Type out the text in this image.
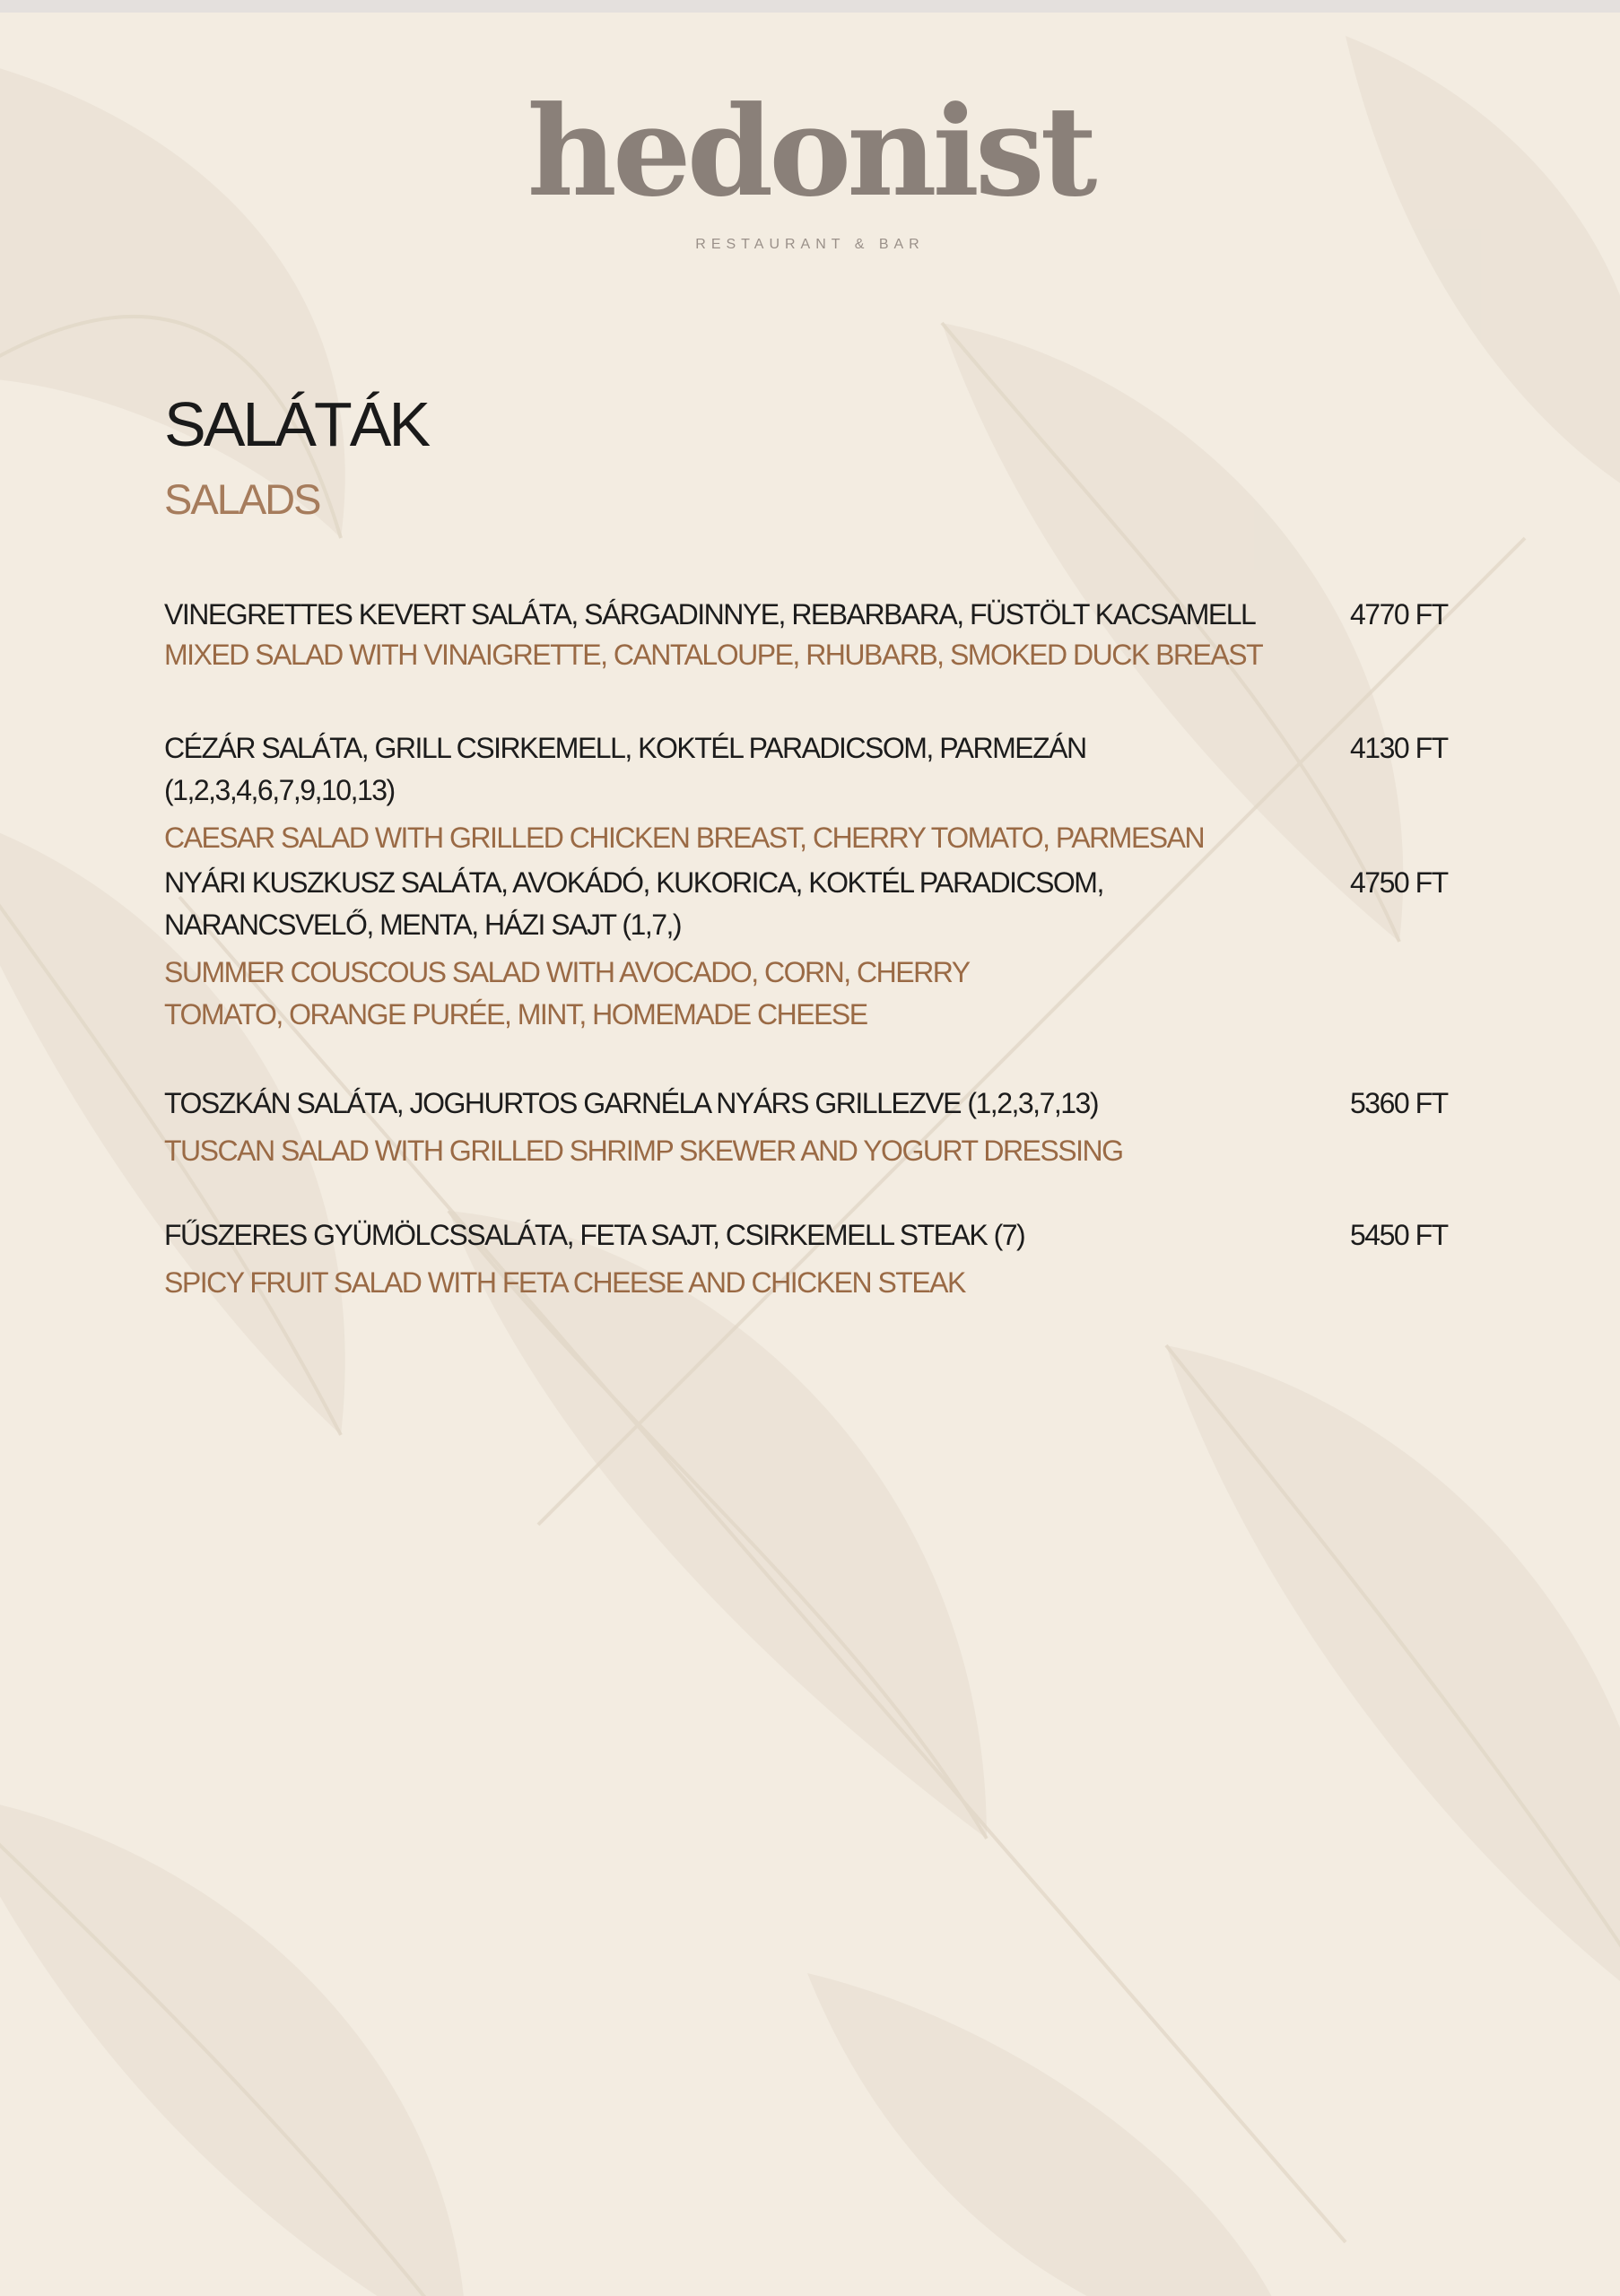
hedonist
RESTAURANT & BAR
SALÁTÁK
SALADS
VINEGRETTES KEVERT SALÁTA, SÁRGADINNYE, REBARBARA, FÜSTÖLT KACSAMELL
MIXED SALAD WITH VINAIGRETTE, CANTALOUPE, RHUBARB, SMOKED DUCK BREAST
4770 FT
CÉZÁR SALÁTA, GRILL CSIRKEMELL, KOKTÉL PARADICSOM, PARMEZÁN (1,2,3,4,6,7,9,10,13)
CAESAR SALAD WITH GRILLED CHICKEN BREAST, CHERRY TOMATO, PARMESAN
4130 FT
NYÁRI KUSZKUSZ SALÁTA, AVOKÁDÓ, KUKORICA, KOKTÉL PARADICSOM, NARANCSVELŐ, MENTA, HÁZI SAJT (1,7,)
SUMMER COUSCOUS SALAD WITH AVOCADO, CORN, CHERRY TOMATO, ORANGE PURÉE, MINT, HOMEMADE CHEESE
4750 FT
TOSZKÁN SALÁTA, JOGHURTOS GARNÉLA NYÁRS GRILLEZVE (1,2,3,7,13)
TUSCAN SALAD WITH GRILLED SHRIMP SKEWER AND YOGURT DRESSING
5360 FT
FŰSZERES GYÜMÖLCSSALÁTA, FETA SAJT, CSIRKEMELL STEAK (7)
SPICY FRUIT SALAD WITH FETA CHEESE AND CHICKEN STEAK
5450 FT
